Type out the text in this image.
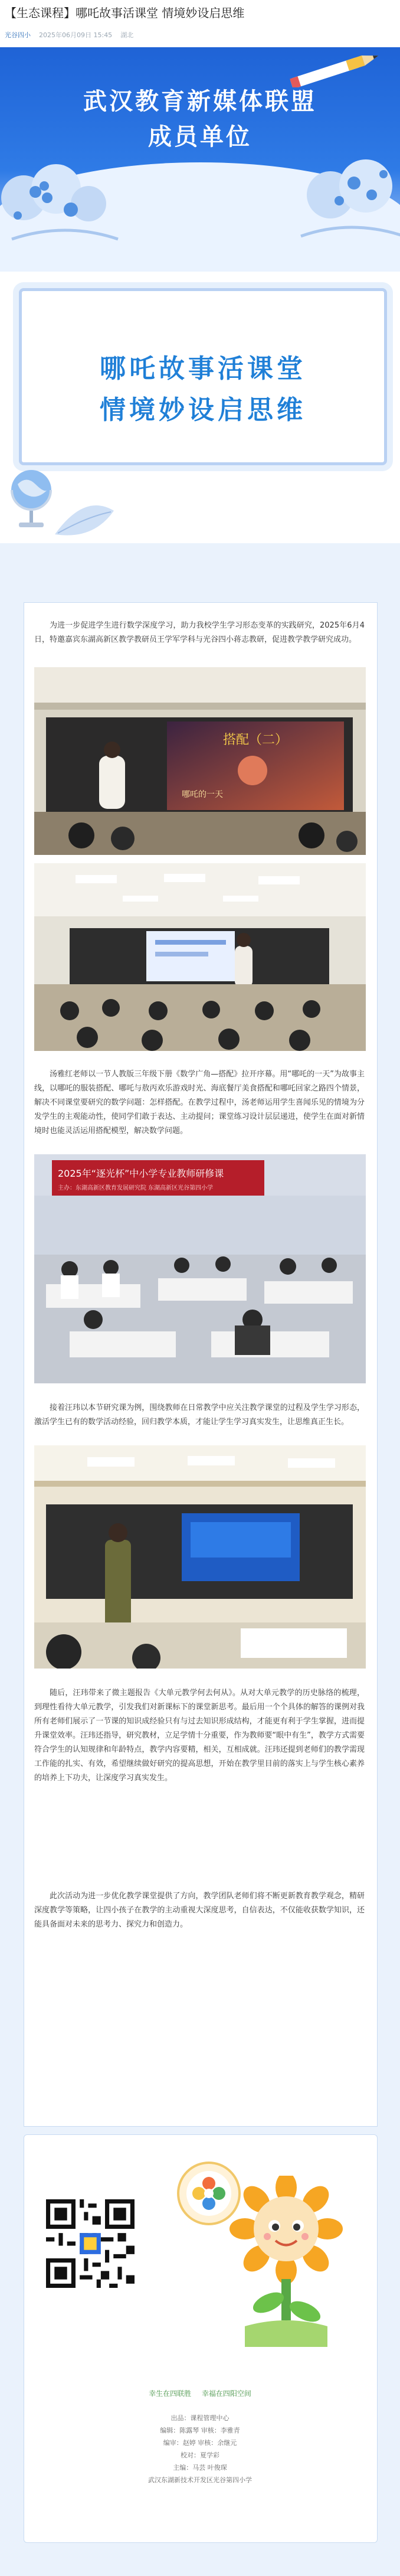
【生态课程】哪吒故事活课堂 情境妙设启思维
光谷四小 2025年06月09日 15:45 湖北
武汉教育新媒体联盟
成员单位
哪吒故事活课堂
情境妙设启思维

为进一步促进学生进行数学深度学习，助力我校学生学习形态变革的实践研究，2025年6月4日，特邀嘉宾东湖高新区教学教研员王学军学科与光谷四小蒋志教研，促进教学教学研究成功。

搭配（二）
哪吒的一天

汤雅红老师以一节人教版三年级下册《数学广角—搭配》拉开序幕。用“哪吒的一天”为故事主线，以哪吒的服装搭配、哪吒与敖丙欢乐游戏时光、海底餐厅美食搭配和哪吒回家之路四个情景，解决不同课堂要研究的数学问题：怎样搭配。在教学过程中，汤老师运用学生喜闻乐见的情境为分发学生的主观能动性，使同学们敢于表达、主动提问；课堂练习设计层层递进，使学生在面对新情境时也能灵活运用搭配模型，解决数学问题。

2025年“逐光杯”中小学专业教师研修课
主办：东湖高新区教育发展研究院 东湖高新区光谷第四小学

接着汪玮以本节研究课为例，围绕教师在日常教学中应关注教学课堂的过程及学生学习形态，激活学生已有的数学活动经验，回归教学本质，才能让学生学习真实发生，让思维真正生长。

随后，汪玮带来了微主题报告《大单元教学何去何从》。从对大单元教学的历史脉络的梳理，到理性看待大单元教学，引发我们对新课标下的课堂新思考。最后用一个个具体的解答的课例对我所有老师们展示了一节课的知识成经验只有与过去知识形成结构，才能更有利于学生掌握，进而提升课堂效率。汪玮还指导，研究教材，立足学情十分重要，作为教师要“眼中有生”，教学方式需要符合学生的认知规律和年龄特点，教学内容要精，相关，互相成就。汪玮还提到老师们的教学需现工作能的扎实、有效，希望继续做好研究的提高思想，开始在教学里目前的落实上与学生核心素养的培养上下功夫，让深度学习真实发生。

此次活动为进一步优化教学课堂提供了方向，教学团队老师们将不断更新教育教学观念，精研深度教学等策略，让四小孩子在教学的主动重视大深度思考，自信表达，不仅能收获数学知识，还能具备面对未来的思考力、探究力和创造力。

幸生在四联胜 幸福在四阳空间
出品：课程管理中心
编辑：陈露琴 审核：李雅青
编审：赵婷 审核：余继元
校对：夏学彩
主编：马芸 叶俊琛
武汉东湖新技术开发区光谷第四小学
